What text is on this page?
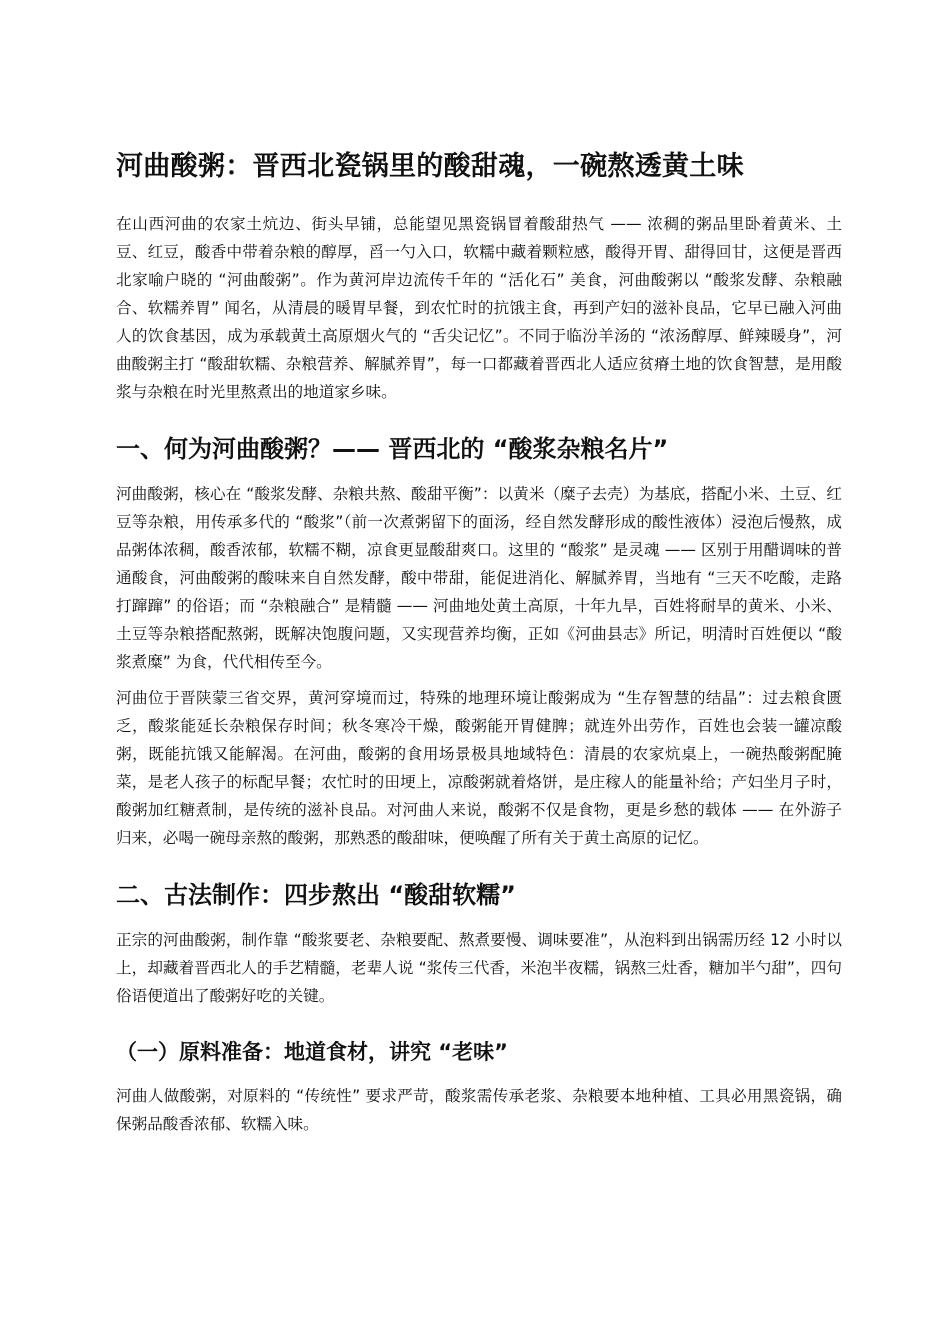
河曲酸粥：晋西北瓷锅里的酸甜魂，一碗熬透黄土味

在山西河曲的农家土炕边、街头早铺，总能望见黑瓷锅冒着酸甜热气 —— 浓稠的粥品里卧着黄米、土豆、红豆，酸香中带着杂粮的醇厚，舀一勺入口，软糯中藏着颗粒感，酸得开胃、甜得回甘，这便是晋西北家喻户晓的 “河曲酸粥”。作为黄河岸边流传千年的 “活化石” 美食，河曲酸粥以 “酸浆发酵、杂粮融合、软糯养胃” 闻名，从清晨的暖胃早餐，到农忙时的抗饿主食，再到产妇的滋补良品，它早已融入河曲人的饮食基因，成为承载黄土高原烟火气的 “舌尖记忆”。不同于临汾羊汤的 “浓汤醇厚、鲜辣暖身”，河曲酸粥主打 “酸甜软糯、杂粮营养、解腻养胃”，每一口都藏着晋西北人适应贫瘠土地的饮食智慧，是用酸浆与杂粮在时光里熬煮出的地道家乡味。

一、何为河曲酸粥？—— 晋西北的 “酸浆杂粮名片”

河曲酸粥，核心在 “酸浆发酵、杂粮共熬、酸甜平衡”：以黄米（糜子去壳）为基底，搭配小米、土豆、红豆等杂粮，用传承多代的 “酸浆”（前一次煮粥留下的面汤，经自然发酵形成的酸性液体）浸泡后慢熬，成品粥体浓稠，酸香浓郁，软糯不糊，凉食更显酸甜爽口。这里的 “酸浆” 是灵魂 —— 区别于用醋调味的普通酸食，河曲酸粥的酸味来自自然发酵，酸中带甜，能促进消化、解腻养胃，当地有 “三天不吃酸，走路打蹿蹿” 的俗语；而 “杂粮融合” 是精髓 —— 河曲地处黄土高原，十年九旱，百姓将耐旱的黄米、小米、土豆等杂粮搭配熬粥，既解决饱腹问题，又实现营养均衡，正如《河曲县志》所记，明清时百姓便以 “酸浆煮糜” 为食，代代相传至今。

河曲位于晋陕蒙三省交界，黄河穿境而过，特殊的地理环境让酸粥成为 “生存智慧的结晶”：过去粮食匮乏，酸浆能延长杂粮保存时间；秋冬寒冷干燥，酸粥能开胃健脾；就连外出劳作，百姓也会装一罐凉酸粥，既能抗饿又能解渴。在河曲，酸粥的食用场景极具地域特色：清晨的农家炕桌上，一碗热酸粥配腌菜，是老人孩子的标配早餐；农忙时的田埂上，凉酸粥就着烙饼，是庄稼人的能量补给；产妇坐月子时，酸粥加红糖煮制，是传统的滋补良品。对河曲人来说，酸粥不仅是食物，更是乡愁的载体 —— 在外游子归来，必喝一碗母亲熬的酸粥，那熟悉的酸甜味，便唤醒了所有关于黄土高原的记忆。

二、古法制作：四步熬出 “酸甜软糯”

正宗的河曲酸粥，制作靠 “酸浆要老、杂粮要配、熬煮要慢、调味要准”，从泡料到出锅需历经 12 小时以上，却藏着晋西北人的手艺精髓，老辈人说 “浆传三代香，米泡半夜糯，锅熬三灶香，糖加半勺甜”，四句俗语便道出了酸粥好吃的关键。

（一）原料准备：地道食材，讲究 “老味”

河曲人做酸粥，对原料的 “传统性” 要求严苛，酸浆需传承老浆、杂粮要本地种植、工具必用黑瓷锅，确保粥品酸香浓郁、软糯入味。
